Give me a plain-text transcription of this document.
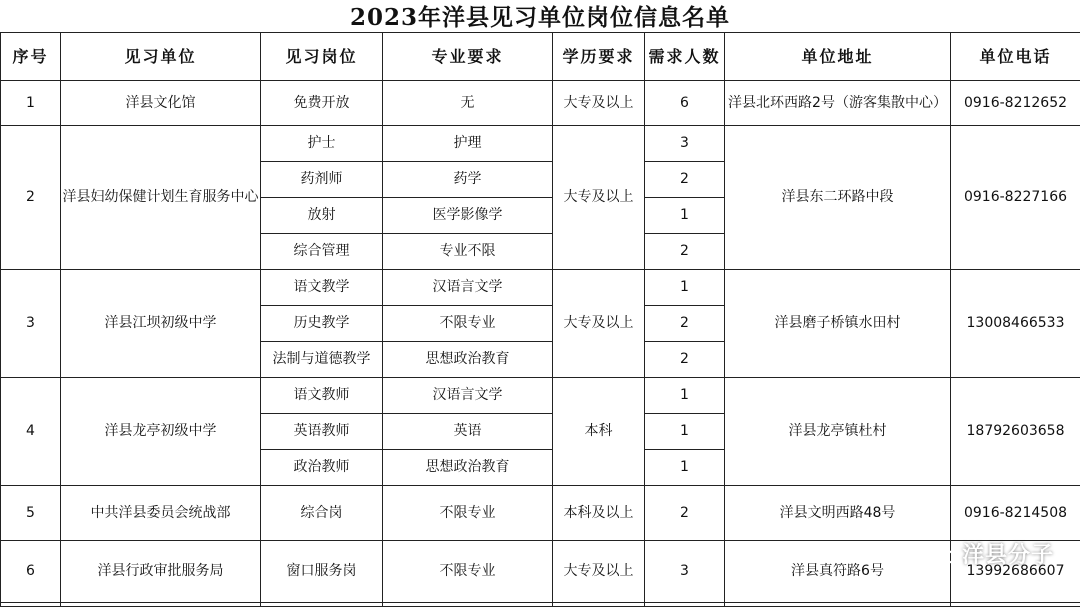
2023年洋县见习单位岗位信息名单
序号	见习单位	见习岗位	专业要求	学历要求	需求人数	单位地址	单位电话
1	洋县文化馆	免费开放	无	大专及以上	6	洋县北环西路2号（游客集散中心）	0916-8212652
2	洋县妇幼保健计划生育服务中心	护士	护理	大专及以上	3	洋县东二环路中段	0916-8227166
		药剂师	药学		2		
		放射	医学影像学		1		
		综合管理	专业不限		2		
3	洋县江坝初级中学	语文教学	汉语言文学	大专及以上	1	洋县磨子桥镇水田村	13008466533
		历史教学	不限专业		2		
		法制与道德教学	思想政治教育		2		
4	洋县龙亭初级中学	语文教师	汉语言文学	本科	1	洋县龙亭镇杜村	18792603658
		英语教师	英语		1		
		政治教师	思想政治教育		1		
5	中共洋县委员会统战部	综合岗	不限专业	本科及以上	2	洋县文明西路48号	0916-8214508
6	洋县行政审批服务局	窗口服务岗	不限专业	大专及以上	3	洋县真符路6号	13992686607

洋县分子
